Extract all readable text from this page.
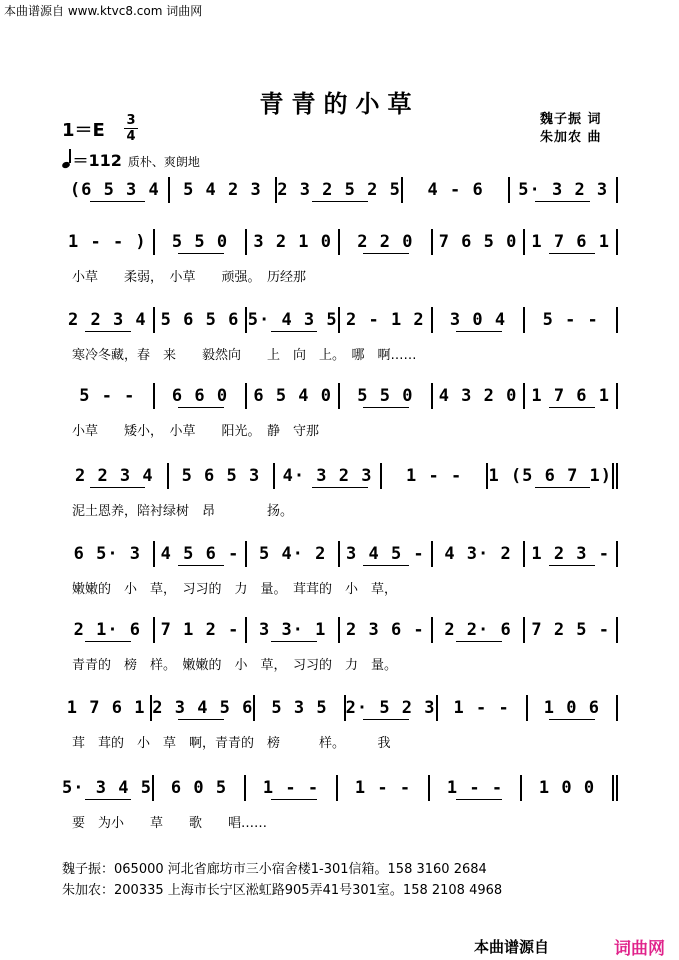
本曲谱源自 www.ktvc8.com 词曲网
青青的小草
魏子振 词
朱加农 曲
1＝E 3
4
＝112 质朴、爽朗地
(6 5 3 4	5 4 2 3 2 3 2 5 2 5	4 - 6	5· 3 2 3
1 - - )	5 5 0	3 2 1 0	2 2 0	7 6 5 0 1 7 6 1
小草　　柔弱，　小草　　顽强。　历经那
2 2 3 4 5 6 5 6 5· 4 3 5 2 - 1 2	3 0 4	5 - -
寒冷冬藏，春　来　　毅然向　　上　向　上。　哪　啊……
5 - -	6 6 0	6 5 4 0	5 5 0	4 3 2 0 1 7 6 1
小草　　矮小，　小草　　阳光。　静　守那
2 2 3 4	5 6 5 3	4· 3 2 3	1 - -	1 (5 6 7 1)
泥土恩养，陪衬绿树　昂　　　　扬。
6 5· 3	4 5 6 -	5 4· 2	3 4 5 -	4 3· 2	1 2 3 -
嫩嫩的　小　草，　习习的　力　量。　茸茸的　小　草，
2 1· 6	7 1 2 -	3 3· 1	2 3 6 -	2 2· 6	7 2 5 -
青青的　榜　样。　嫩嫩的　小　草，　习习的　力　量。
1 7 6 1 2 3 4 5 6	5 3 5	2· 5 2 3	1 - -	1 0 6
茸　茸的　小　草　啊，青青的　榜　　　样。　　　我
5· 3 4 5	6 0 5	1 - -	1 - -	1 - -	1 0 0
要　为小　　草　　歌　　唱……
魏子振：065000 河北省廊坊市三小宿舍楼1-301信箱。158 3160 2684
朱加农：200335 上海市长宁区淞虹路905弄41号301室。158 2108 4968
本曲谱源自	词曲网
